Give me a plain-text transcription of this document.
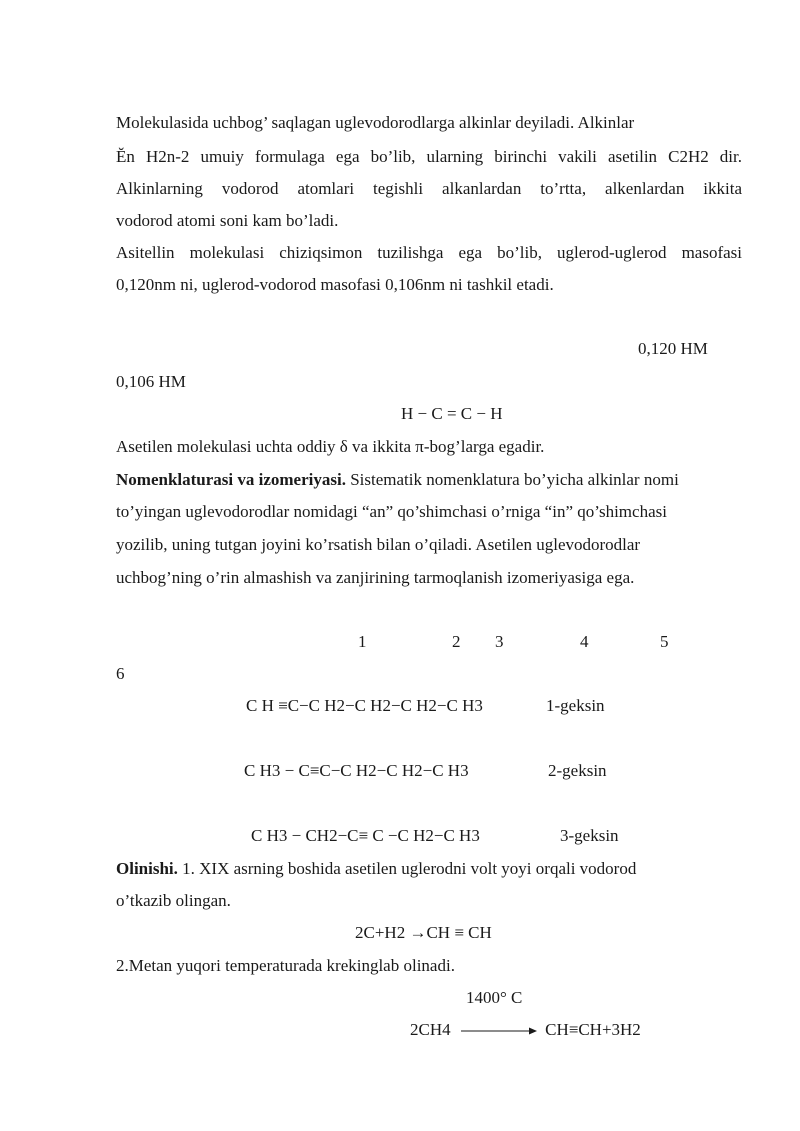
Molekulasida uchbog’ saqlagan uglevodorodlarga alkinlar deyiladi. Alkinlar
Ĕn H2n-2 umuiy formulaga ega bo’lib, ularning birinchi vakili asetilin C2H2 dir.
Alkinlarning vodorod atomlari tegishli alkanlardan to’rtta, alkenlardan ikkita
vodorod atomi soni kam bo’ladi.
Asitellin molekulasi chiziqsimon tuzilishga ega bo’lib, uglerod-uglerod masofasi
0,120nm ni, uglerod-vodorod masofasi 0,106nm ni tashkil etadi.
0,120 HM
0,106 HM
H − C = C − H
Asetilen molekulasi uchta oddiy δ va ikkita π-bog’larga egadir.
Nomenklaturasi va izomeriyasi. Sistematik nomenklatura bo’yicha alkinlar nomi
to’yingan uglevodorodlar nomidagi “an” qo’shimchasi o’rniga “in” qo’shimchasi
yozilib, uning tutgan joyini ko’rsatish bilan o’qiladi. Asetilen uglevodorodlar
uchbog’ning o’rin almashish va zanjirining tarmoqlanish izomeriyasiga ega.
1	2 3	4	5
6
C H ≡C−C H2−C H2−C H2−C H3	1-geksin
C H3 − C≡C−C H2−C H2−C H3	2-geksin
C H3 − CH2−C≡ C −C H2−C H3	3-geksin
Olinishi. 1. XIX asrning boshida asetilen uglerodni volt yoyi orqali vodorod
o’tkazib olingan.
2C+H2 →CH ≡ CH
2.Metan yuqori temperaturada krekinglab olinadi.
1400° C
2CH4	CH≡CH+3H2
